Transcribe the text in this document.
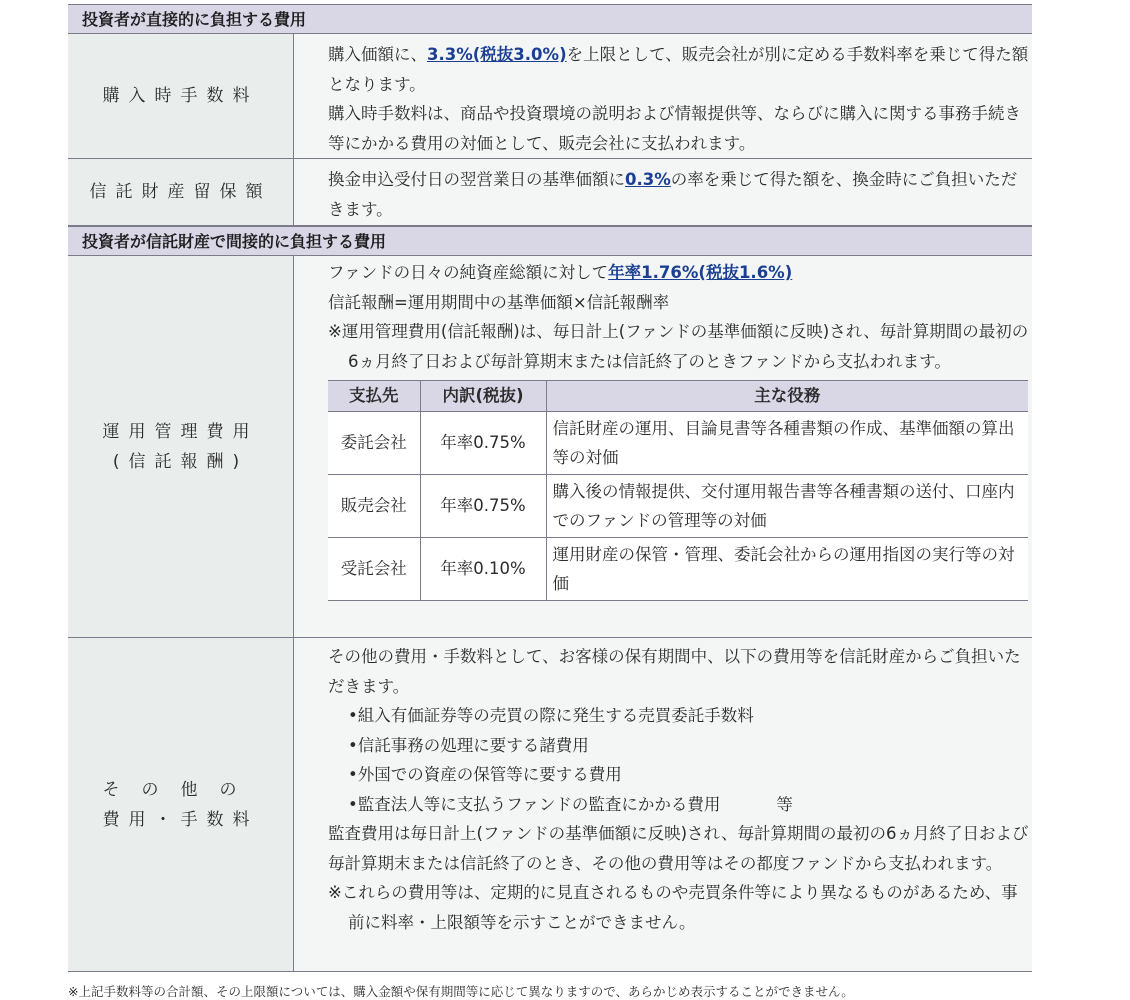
投資者が直接的に負担する費用
購入時手数料

購入価額に、3.3%(税抜3.0%)を上限として、販売会社が別に定める手数料率を乗じて得た額となります。

購入時手数料は、商品や投資環境の説明および情報提供等、ならびに購入に関する事務手続き等にかかる費用の対価として、販売会社に支払われます。

信託財産留保額

換金申込受付日の翌営業日の基準価額に0.3%の率を乗じて得た額を、換金時にご負担いただきます。

投資者が信託財産で間接的に負担する費用
運用管理費用
(信託報酬)

ファンドの日々の純資産総額に対して年率1.76%(税抜1.6%)

信託報酬=運用期間中の基準価額×信託報酬率

※運用管理費用(信託報酬)は、毎日計上(ファンドの基準価額に反映)され、毎計算期間の最初の6ヵ月終了日および毎計算期末または信託終了のときファンドから支払われます。

支払先	内訳(税抜)	主な役務
委託会社	年率0.75%	信託財産の運用、目論見書等各種書類の作成、基準価額の算出等の対価
販売会社	年率0.75%	購入後の情報提供、交付運用報告書等各種書類の送付、口座内でのファンドの管理等の対価
受託会社	年率0.10%	運用財産の保管・管理、委託会社からの運用指図の実行等の対価
その他の
費用・手数料

その他の費用・手数料として、お客様の保有期間中、以下の費用等を信託財産からご負担いただきます。

•組入有価証券等の売買の際に発生する売買委託手数料

•信託事務の処理に要する諸費用

•外国での資産の保管等に要する費用

•監査法人等に支払うファンドの監査にかかる費用	等

監査費用は毎日計上(ファンドの基準価額に反映)され、毎計算期間の最初の6ヵ月終了日および毎計算期末または信託終了のとき、その他の費用等はその都度ファンドから支払われます。

※これらの費用等は、定期的に見直されるものや売買条件等により異なるものがあるため、事前に料率・上限額等を示すことができません。

※上記手数料等の合計額、その上限額については、購入金額や保有期間等に応じて異なりますので、あらかじめ表示することができません。
